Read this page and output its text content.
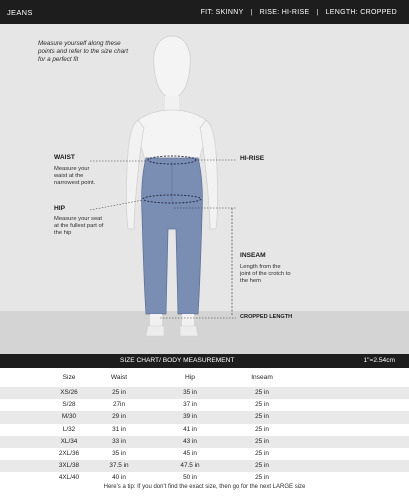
JEANS	FIT: SKINNY | RISE: HI-RISE | LENGTH: CROPPED
Measure yourself along these points and refer to the size chart for a perfect fit
WAIST
Measure your waist at the narrowest point.
HIP
Measure your seat at the fullest part of the hip
HI-RISE
INSEAM
Length from the joint of the crotch to the hem
CROPPED LENGTH
SIZE CHART/ BODY MEASUREMENT	1"=2.54cm
Size	Waist	Hip	Inseam
XS/26	25 in	35 in	25 in
S/28	27in	37 in	25 in
M/30	29 in	39 in	25 in
L/32	31 in	41 in	25 in
XL/34	33 in	43 in	25 in
2XL/36	35 in	45 in	25 in
3XL/38	37.5 in	47.5 in	25 in
4XL/40	40 in	50 in	25 in
Here's a tip: If you don't find the exact size, then go for the next LARGE size
